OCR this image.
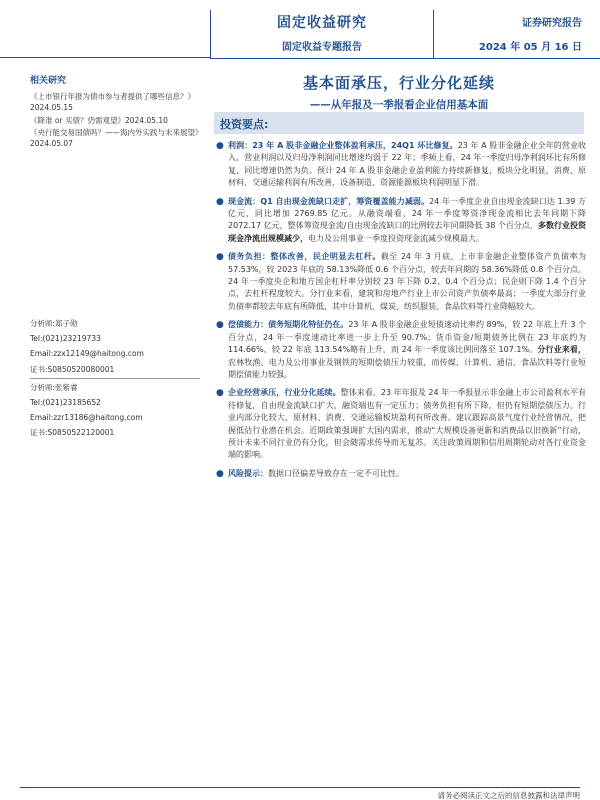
固定收益研究
固定收益专题报告
证券研究报告
2024 年 05 月 16 日
相关研究
《上市银行年报为债市参与者提供了哪些信息？》2024.05.15
《降准 or 买债？仍需观望》2024.05.10
《央行能交易国债吗？——海内外实践与未来展望》2024.05.07
分析师:郑子勋
Tel:(021)23219733
Email:zzx12149@haitong.com
证书:S0850520080001
分析师:张紫睿
Tel:(021)23185652
Email:zzr13186@haitong.com
证书:S0850522120001
基本面承压，行业分化延续
——从年报及一季报看企业信用基本面
投资要点:
● 利润：23 年 A 股非金融企业整体盈利承压，24Q1 环比修复。23 年 A 股非金融企业全年的营业收入、营业利润以及归母净利润同比增速均弱于 22 年；季频上看，24 年一季度归母净利润环比有所修复、同比增速仍然为负。预计 24 年 A 股非金融企业盈利能力持续新修复，板块分化明显，消费、原材料、交通运输利润有所改善，设备制造、资源能源板块利润明显下滑。
● 现金流：Q1 自由现金流缺口走扩，筹资覆盖能力减弱。24 年一季度企业自由现金流缺口达 1.39 万亿元，同比增加 2769.85 亿元。从融资端看，24 年一季度筹资净现金流相比去年同期下降 2072.17 亿元，整体筹资现金流/自由现金流缺口的比例较去年同期降低 38 个百分点，多数行业投资现金净流出规模减少，电力及公用事业一季度投资现金流减少规模最大。
● 债务负担：整体改善，民企明显去杠杆。截至 24 年 3 月底，上市非金融企业整体资产负债率为 57.53%，较 2023 年底的 58.13%降低 0.6 个百分点，较去年同期的 58.36%降低 0.8 个百分点。24 年一季度央企和地方国企杠杆率分别较 23 年下降 0.2、0.4 个百分点；民企则下降 1.4 个百分点，去杠杆程度较大。分行业来看，建筑和房地产行业上市公司资产负债率最高；一季度大部分行业负债率都较去年底有所降低，其中计算机、煤炭、纺织服装、食品饮料等行业降幅较大。
● 偿债能力：债务短期化特征仍在。23 年 A 股非金融企业短债速动比率约 89%，较 22 年底上升 3 个百分点，24 年一季度速动比率进一步上升至 90.7%；货币资金/短期债务比例在 23 年底约为 114.66%，较 22 年底 113.54%略有上升，而 24 年一季度该比例回落至 107.1%。分行业来看，农林牧渔、电力及公用事业及钢铁的短期偿债压力较重，而传媒、计算机、通信、食品饮料等行业短期偿债能力较强。
● 企业经营承压，行业分化延续。整体来看，23 年年报及 24 年一季报显示非金融上市公司盈利水平有待修复，自由现金流缺口扩大，融资端也有一定压力；债务负担有所下降，但仍有短期偿债压力。行业内部分化较大，原材料、消费、交通运输板块盈利有所改善。建议跟踪高景气度行业经营情况，把握低估行业潜在机会。近期政策强调扩大国内需求，推动“大规模设备更新和消费品以旧换新”行动，预计未来不同行业仍有分化，但会随需求传导而无复苏。关注政策周期和信用周期轮动对各行业资金端的影响。
● 风险提示：数据口径偏差导致存在一定不可比性。
请务必阅读正文之后的信息披露和法律声明
